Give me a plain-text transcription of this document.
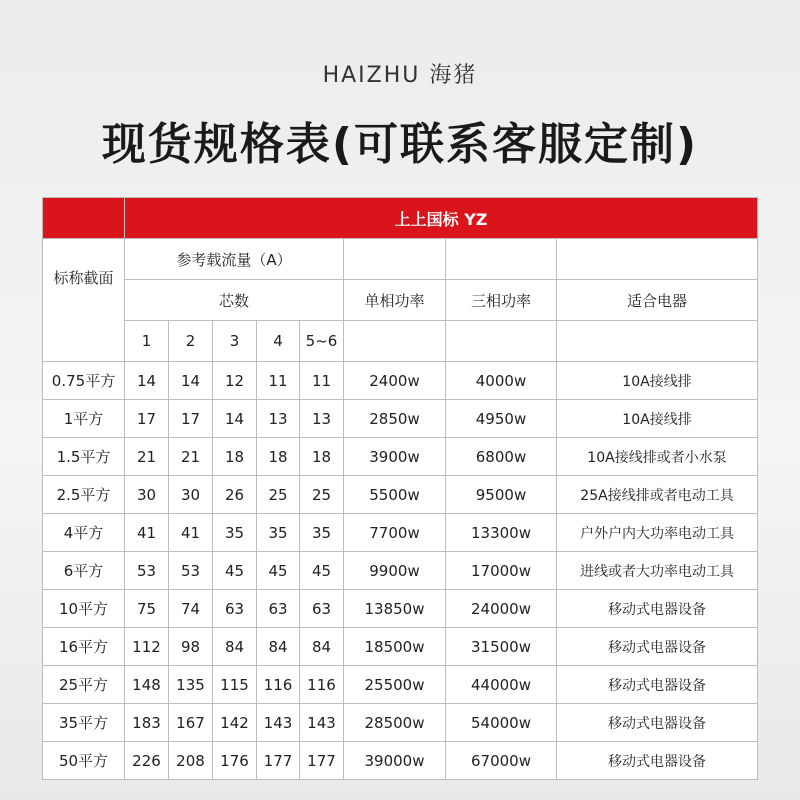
HAIZHU 海猪
现货规格表(可联系客服定制)
	上上国标 YZ							
标称截面	参考载流量（A）							
	芯数					单相功率	三相功率	适合电器
	1	2	3	4	5~6			
0.75平方	14	14	12	11	11	2400w	4000w	10A接线排
1平方	17	17	14	13	13	2850w	4950w	10A接线排
1.5平方	21	21	18	18	18	3900w	6800w	10A接线排或者小水泵
2.5平方	30	30	26	25	25	5500w	9500w	25A接线排或者电动工具
4平方	41	41	35	35	35	7700w	13300w	户外户内大功率电动工具
6平方	53	53	45	45	45	9900w	17000w	进线或者大功率电动工具
10平方	75	74	63	63	63	13850w	24000w	移动式电器设备
16平方	112	98	84	84	84	18500w	31500w	移动式电器设备
25平方	148	135	115	116	116	25500w	44000w	移动式电器设备
35平方	183	167	142	143	143	28500w	54000w	移动式电器设备
50平方	226	208	176	177	177	39000w	67000w	移动式电器设备
